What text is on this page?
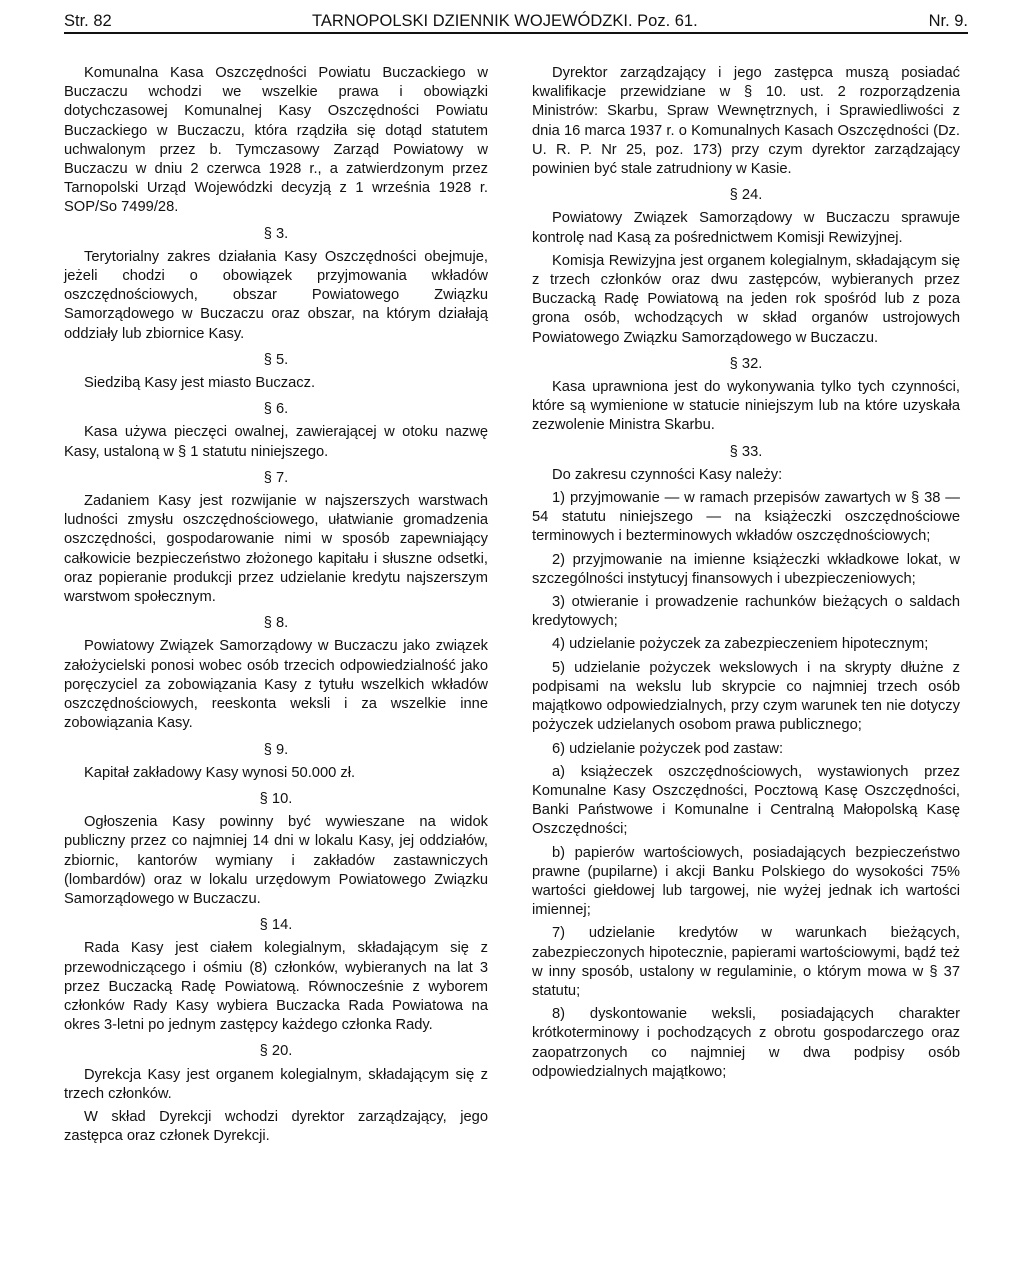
Str. 82	TARNOPOLSKI DZIENNIK WOJEWÓDZKI. Poz. 61.	Nr. 9.

Komunalna Kasa Oszczędności Powiatu Buczackiego w Buczaczu wchodzi we wszelkie prawa i obowiązki dotychczasowej Komunalnej Kasy Oszczędności Powiatu Buczackiego w Buczaczu, która rządziła się dotąd statutem uchwalonym przez b. Tymczasowy Zarząd Powiatowy w Buczaczu w dniu 2 czerwca 1928 r., a zatwierdzonym przez Tarnopolski Urząd Wojewódzki decyzją z 1 września 1928 r. SOP/So 7499/28.

§ 3.

Terytorialny zakres działania Kasy Oszczędności obejmuje, jeżeli chodzi o obowiązek przyjmowania wkładów oszczędnościowych, obszar Powiatowego Związku Samorządowego w Buczaczu oraz obszar, na którym działają oddziały lub zbiornice Kasy.

§ 5.

Siedzibą Kasy jest miasto Buczacz.

§ 6.

Kasa używa pieczęci owalnej, zawierającej w otoku nazwę Kasy, ustaloną w § 1 statutu niniejszego.

§ 7.

Zadaniem Kasy jest rozwijanie w najszerszych warstwach ludności zmysłu oszczędnościowego, ułatwianie gromadzenia oszczędności, gospodarowanie nimi w sposób zapewniający całkowicie bezpieczeństwo złożonego kapitału i słuszne odsetki, oraz popieranie produkcji przez udzielanie kredytu najszerszym warstwom społecznym.

§ 8.

Powiatowy Związek Samorządowy w Buczaczu jako związek założycielski ponosi wobec osób trzecich odpowiedzialność jako poręczyciel za zobowiązania Kasy z tytułu wszelkich wkładów oszczędnościowych, reeskonta weksli i za wszelkie inne zobowiązania Kasy.

§ 9.

Kapitał zakładowy Kasy wynosi 50.000 zł.

§ 10.

Ogłoszenia Kasy powinny być wywieszane na widok publiczny przez co najmniej 14 dni w lokalu Kasy, jej oddziałów, zbiornic, kantorów wymiany i zakładów zastawniczych (lombardów) oraz w lokalu urzędowym Powiatowego Związku Samorządowego w Buczaczu.

§ 14.

Rada Kasy jest ciałem kolegialnym, składającym się z przewodniczącego i ośmiu (8) członków, wybieranych na lat 3 przez Buczacką Radę Powiatową. Równocześnie z wyborem członków Rady Kasy wybiera Buczacka Rada Powiatowa na okres 3-letni po jednym zastępcy każdego członka Rady.

§ 20.

Dyrekcja Kasy jest organem kolegialnym, składającym się z trzech członków.

W skład Dyrekcji wchodzi dyrektor zarządzający, jego zastępca oraz członek Dyrekcji.

Dyrektor zarządzający i jego zastępca muszą posiadać kwalifikacje przewidziane w § 10. ust. 2 rozporządzenia Ministrów: Skarbu, Spraw Wewnętrznych, i Sprawiedliwości z dnia 16 marca 1937 r. o Komunalnych Kasach Oszczędności (Dz. U. R. P. Nr 25, poz. 173) przy czym dyrektor zarządzający powinien być stale zatrudniony w Kasie.

§ 24.

Powiatowy Związek Samorządowy w Buczaczu sprawuje kontrolę nad Kasą za pośrednictwem Komisji Rewizyjnej.

Komisja Rewizyjna jest organem kolegialnym, składającym się z trzech członków oraz dwu zastępców, wybieranych przez Buczacką Radę Powiatową na jeden rok spośród lub z poza grona osób, wchodzących w skład organów ustrojowych Powiatowego Związku Samorządowego w Buczaczu.

§ 32.

Kasa uprawniona jest do wykonywania tylko tych czynności, które są wymienione w statucie niniejszym lub na które uzyskała zezwolenie Ministra Skarbu.

§ 33.

Do zakresu czynności Kasy należy:

1) przyjmowanie — w ramach przepisów zawartych w § 38 — 54 statutu niniejszego — na książeczki oszczędnościowe terminowych i bezterminowych wkładów oszczędnościowych;

2) przyjmowanie na imienne książeczki wkładkowe lokat, w szczególności instytucyj finansowych i ubezpieczeniowych;

3) otwieranie i prowadzenie rachunków bieżących o saldach kredytowych;

4) udzielanie pożyczek za zabezpieczeniem hipotecznym;

5) udzielanie pożyczek wekslowych i na skrypty dłużne z podpisami na wekslu lub skrypcie co najmniej trzech osób majątkowo odpowiedzialnych, przy czym warunek ten nie dotyczy pożyczek udzielanych osobom prawa publicznego;

6) udzielanie pożyczek pod zastaw:

a) książeczek oszczędnościowych, wystawionych przez Komunalne Kasy Oszczędności, Pocztową Kasę Oszczędności, Banki Państwowe i Komunalne i Centralną Małopolską Kasę Oszczędności;

b) papierów wartościowych, posiadających bezpieczeństwo prawne (pupilarne) i akcji Banku Polskiego do wysokości 75% wartości giełdowej lub targowej, nie wyżej jednak ich wartości imiennej;

7) udzielanie kredytów w warunkach bieżących, zabezpieczonych hipotecznie, papierami wartościowymi, bądź też w inny sposób, ustalony w regulaminie, o którym mowa w § 37 statutu;

8) dyskontowanie weksli, posiadających charakter krótkoterminowy i pochodzących z obrotu gospodarczego oraz zaopatrzonych co najmniej w dwa podpisy osób odpowiedzialnych majątkowo;
